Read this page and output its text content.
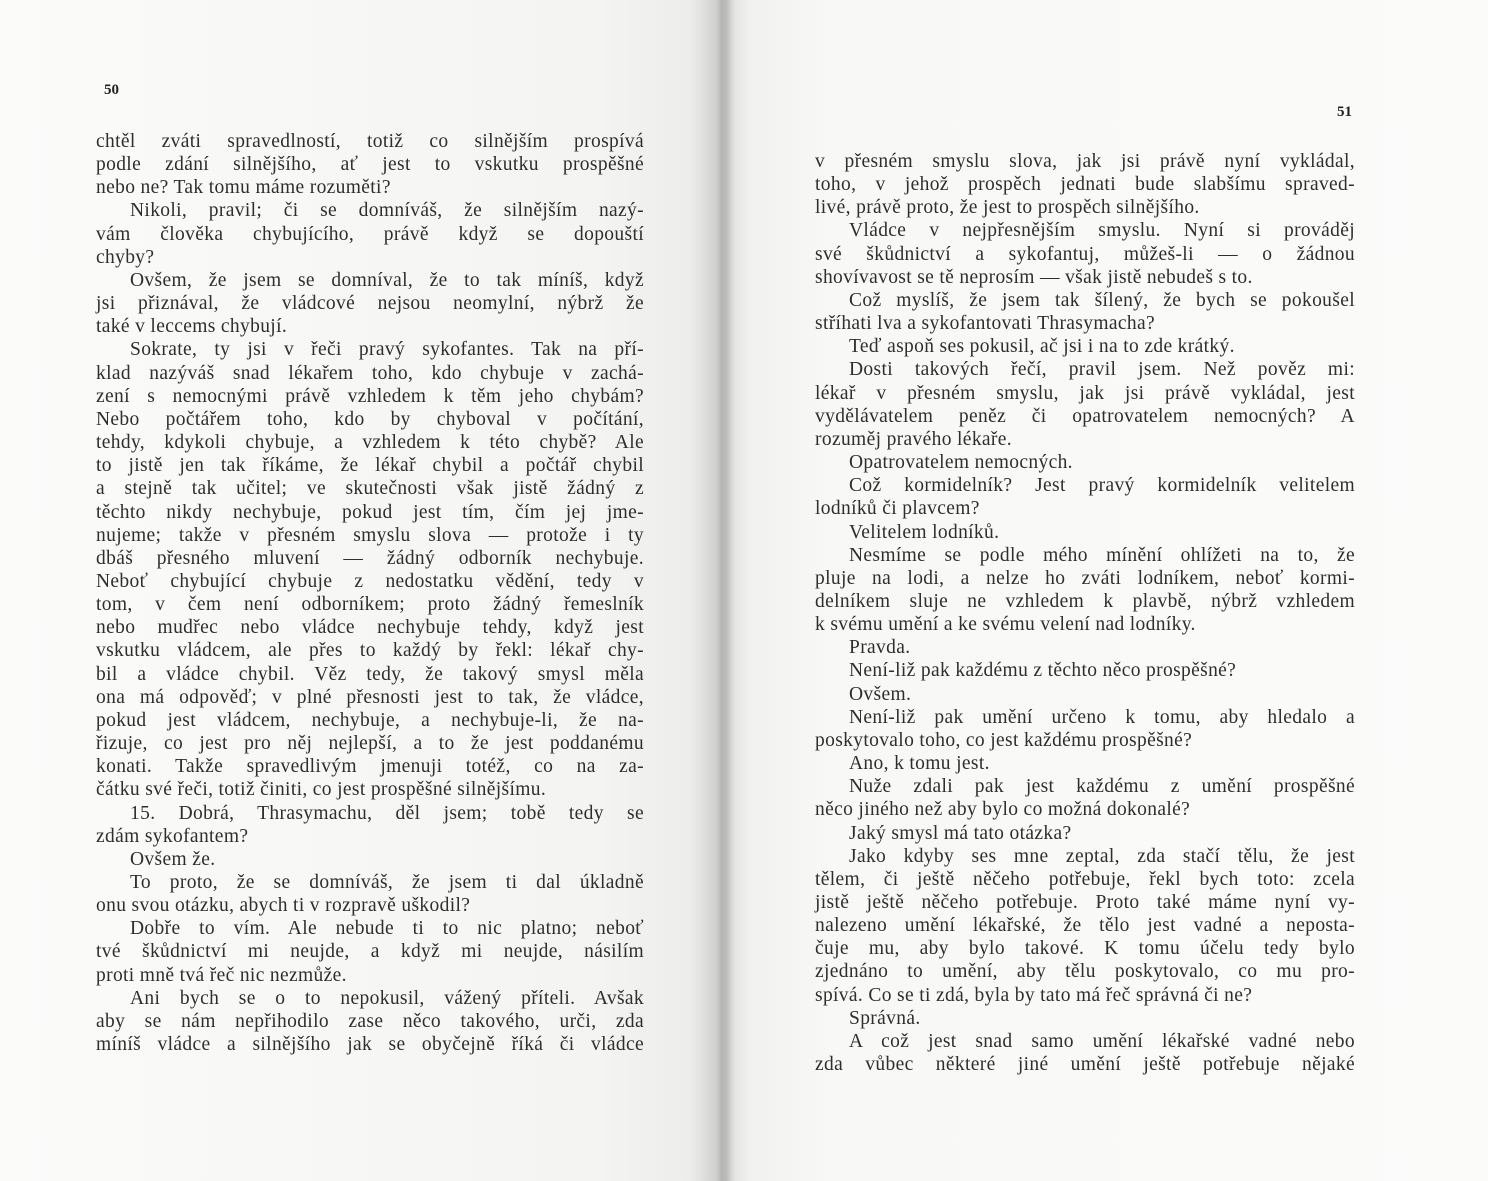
50
chtěl zváti spravedlností, totiž co silnějším prospívá
podle zdání silnějšího, ať jest to vskutku prospěšné
nebo ne? Tak tomu máme rozuměti?
Nikoli, pravil; či se domníváš, že silnějším nazý-
vám člověka chybujícího, právě když se dopouští
chyby?
Ovšem, že jsem se domníval, že to tak míníš, když
jsi přiznával, že vládcové nejsou neomylní, nýbrž že
také v leccems chybují.
Sokrate, ty jsi v řeči pravý sykofantes. Tak na pří-
klad nazýváš snad lékařem toho, kdo chybuje v zachá-
zení s nemocnými právě vzhledem k těm jeho chybám?
Nebo počtářem toho, kdo by chyboval v počítání,
tehdy, kdykoli chybuje, a vzhledem k této chybě? Ale
to jistě jen tak říkáme, že lékař chybil a počtář chybil
a stejně tak učitel; ve skutečnosti však jistě žádný z
těchto nikdy nechybuje, pokud jest tím, čím jej jme-
nujeme; takže v přesném smyslu slova — protože i ty
dbáš přesného mluvení — žádný odborník nechybuje.
Neboť chybující chybuje z nedostatku vědění, tedy v
tom, v čem není odborníkem; proto žádný řemeslník
nebo mudřec nebo vládce nechybuje tehdy, když jest
vskutku vládcem, ale přes to každý by řekl: lékař chy-
bil a vládce chybil. Věz tedy, že takový smysl měla
ona má odpověď; v plné přesnosti jest to tak, že vládce,
pokud jest vládcem, nechybuje, a nechybuje-li, že na-
řizuje, co jest pro něj nejlepší, a to že jest poddanému
konati. Takže spravedlivým jmenuji totéž, co na za-
čátku své řeči, totiž činiti, co jest prospěšné silnějšímu.
15. Dobrá, Thrasymachu, děl jsem; tobě tedy se
zdám sykofantem?
Ovšem že.
To proto, že se domníváš, že jsem ti dal úkladně
onu svou otázku, abych ti v rozpravě uškodil?
Dobře to vím. Ale nebude ti to nic platno; neboť
tvé škůdnictví mi neujde, a když mi neujde, násilím
proti mně tvá řeč nic nezmůže.
Ani bych se o to nepokusil, vážený příteli. Avšak
aby se nám nepřihodilo zase něco takového, urči, zda
míníš vládce a silnějšího jak se obyčejně říká či vládce
51
v přesném smyslu slova, jak jsi právě nyní vykládal,
toho, v jehož prospěch jednati bude slabšímu spraved-
livé, právě proto, že jest to prospěch silnějšího.
Vládce v nejpřesnějším smyslu. Nyní si prováděj
své škůdnictví a sykofantuj, můžeš-li — o žádnou
shovívavost se tě neprosím — však jistě nebudeš s to.
Což myslíš, že jsem tak šílený, že bych se pokoušel
stříhati lva a sykofantovati Thrasymacha?
Teď aspoň ses pokusil, ač jsi i na to zde krátký.
Dosti takových řečí, pravil jsem. Než pověz mi:
lékař v přesném smyslu, jak jsi právě vykládal, jest
vydělávatelem peněz či opatrovatelem nemocných? A
rozuměj pravého lékaře.
Opatrovatelem nemocných.
Což kormidelník? Jest pravý kormidelník velitelem
lodníků či plavcem?
Velitelem lodníků.
Nesmíme se podle mého mínění ohlížeti na to, že
pluje na lodi, a nelze ho zváti lodníkem, neboť kormi-
delníkem sluje ne vzhledem k plavbě, nýbrž vzhledem
k svému umění a ke svému velení nad lodníky.
Pravda.
Není-liž pak každému z těchto něco prospěšné?
Ovšem.
Není-liž pak umění určeno k tomu, aby hledalo a
poskytovalo toho, co jest každému prospěšné?
Ano, k tomu jest.
Nuže zdali pak jest každému z umění prospěšné
něco jiného než aby bylo co možná dokonalé?
Jaký smysl má tato otázka?
Jako kdyby ses mne zeptal, zda stačí tělu, že jest
tělem, či ještě něčeho potřebuje, řekl bych toto: zcela
jistě ještě něčeho potřebuje. Proto také máme nyní vy-
nalezeno umění lékařské, že tělo jest vadné a neposta-
čuje mu, aby bylo takové. K tomu účelu tedy bylo
zjednáno to umění, aby tělu poskytovalo, co mu pro-
spívá. Co se ti zdá, byla by tato má řeč správná či ne?
Správná.
A což jest snad samo umění lékařské vadné nebo
zda vůbec některé jiné umění ještě potřebuje nějaké
